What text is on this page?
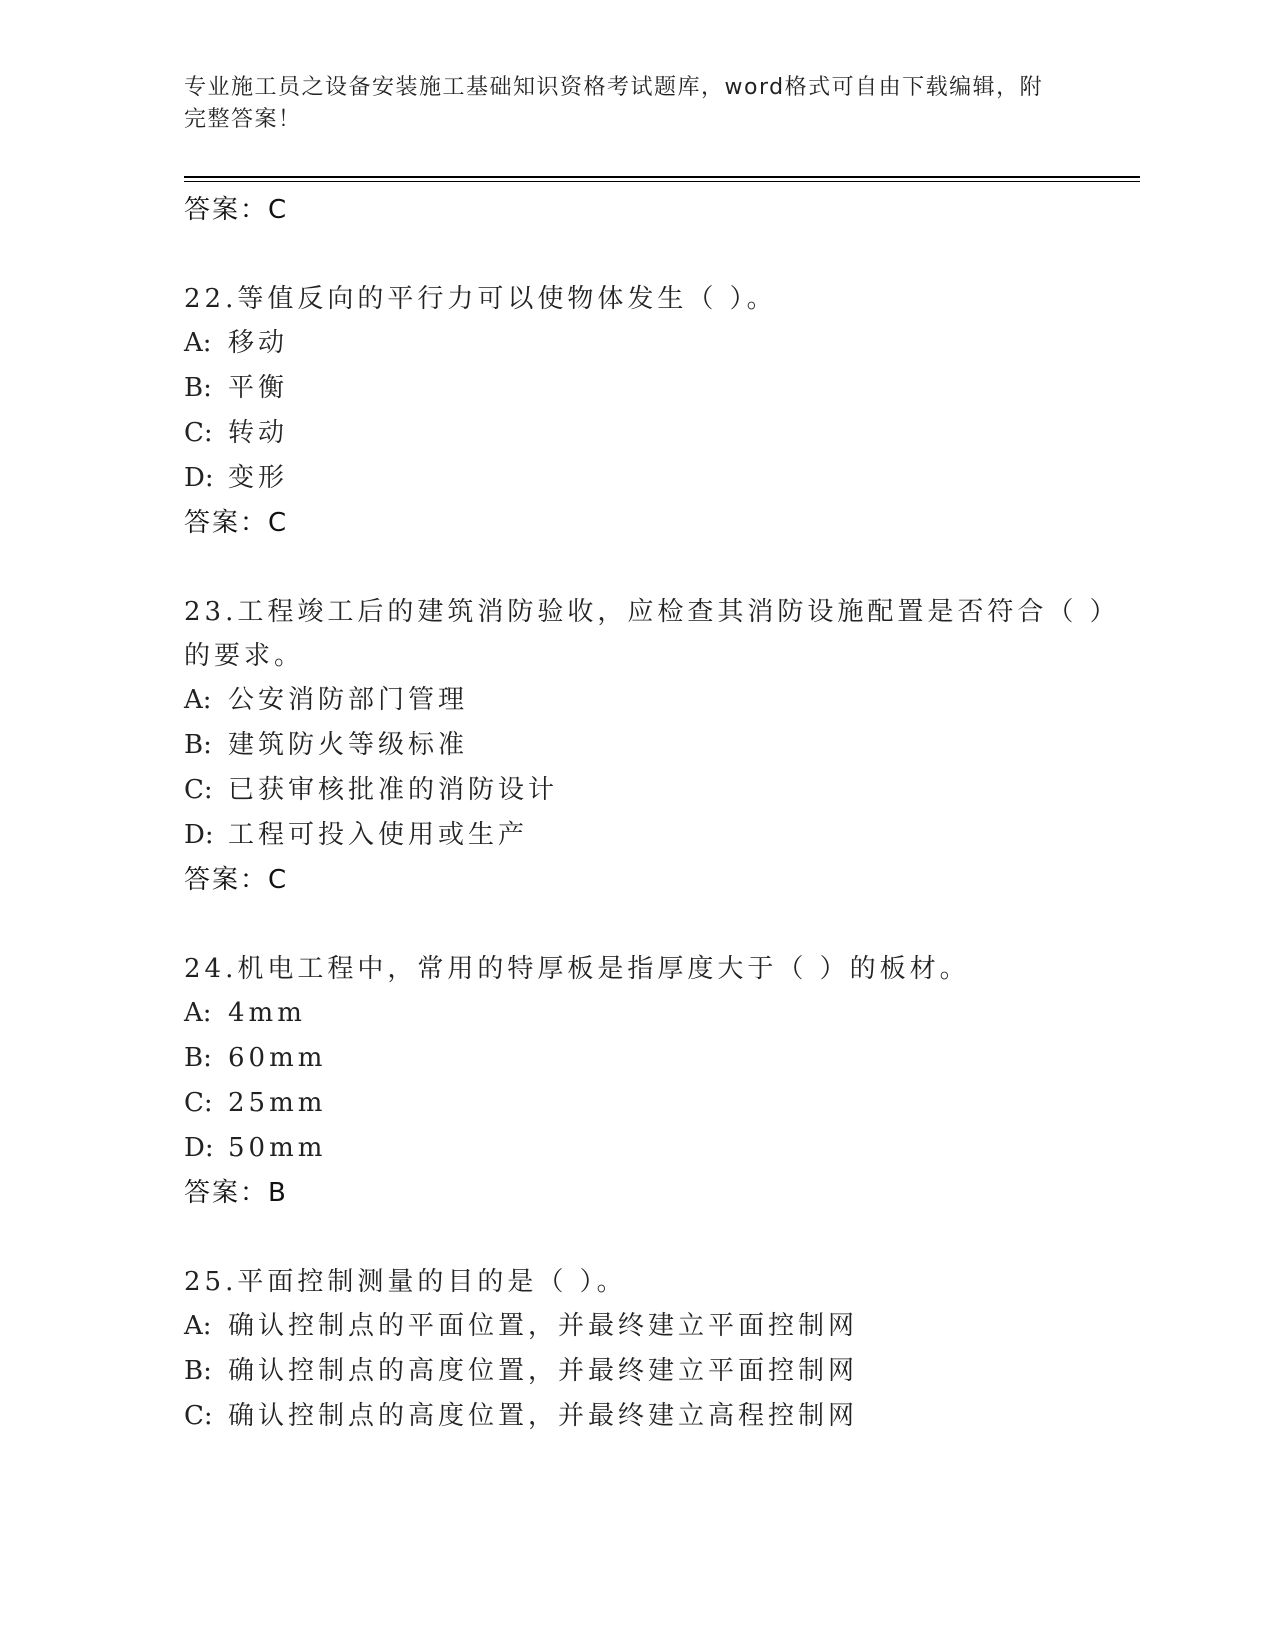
专业施工员之设备安装施工基础知识资格考试题库，word格式可自由下载编辑，附完整答案！
答案：C
22.等值反向的平行力可以使物体发生（ ）。
A: 移动
B: 平衡
C: 转动
D: 变形
答案：C
23.工程竣工后的建筑消防验收，应检查其消防设施配置是否符合（ ）的要求。
A: 公安消防部门管理
B: 建筑防火等级标准
C: 已获审核批准的消防设计
D: 工程可投入使用或生产
答案：C
24.机电工程中，常用的特厚板是指厚度大于（ ）的板材。
A: 4mm
B: 60mm
C: 25mm
D: 50mm
答案：B
25.平面控制测量的目的是（ ）。
A: 确认控制点的平面位置，并最终建立平面控制网
B: 确认控制点的高度位置，并最终建立平面控制网
C: 确认控制点的高度位置，并最终建立高程控制网
